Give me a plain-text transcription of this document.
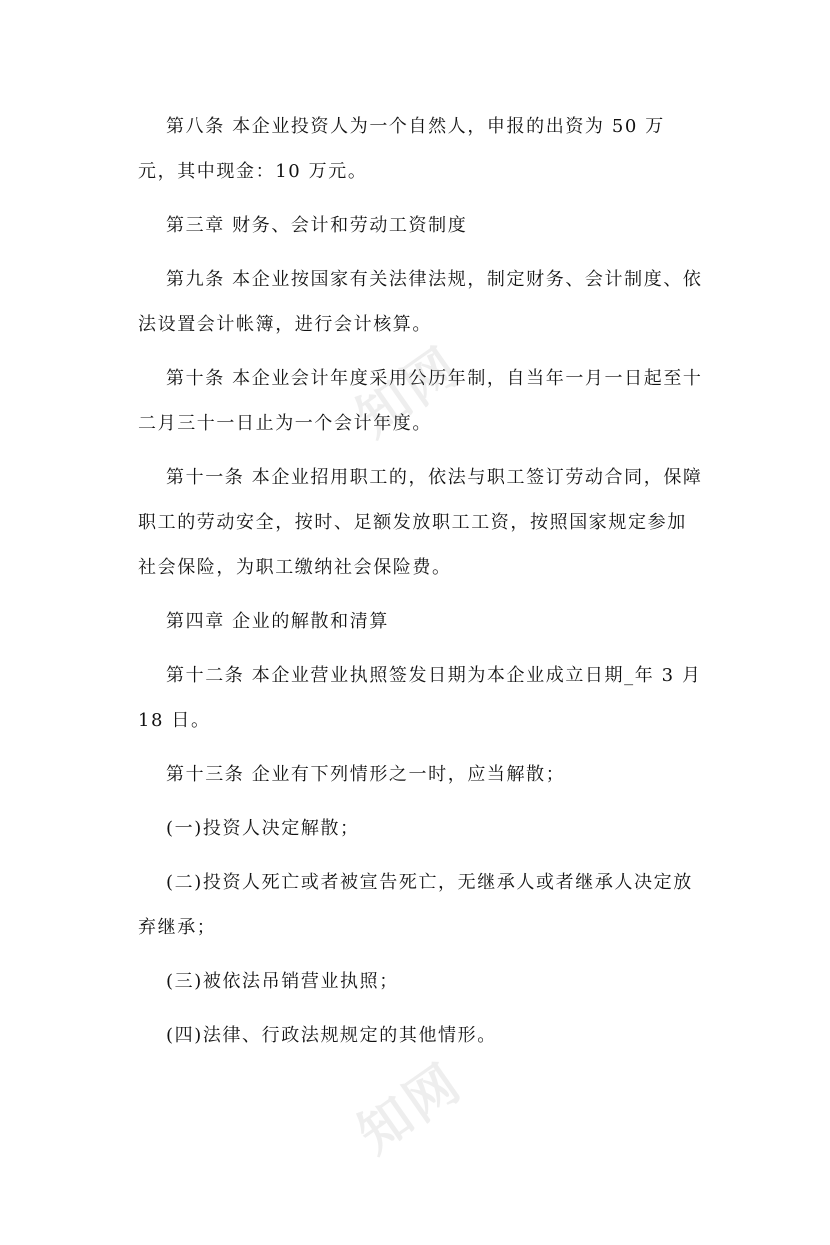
第八条 本企业投资人为一个自然人，申报的出资为 50 万元，其中现金：10 万元。

第三章 财务、会计和劳动工资制度

第九条 本企业按国家有关法律法规，制定财务、会计制度、依法设置会计帐簿，进行会计核算。

第十条 本企业会计年度采用公历年制，自当年一月一日起至十二月三十一日止为一个会计年度。

第十一条 本企业招用职工的，依法与职工签订劳动合同，保障职工的劳动安全，按时、足额发放职工工资，按照国家规定参加社会保险，为职工缴纳社会保险费。

第四章 企业的解散和清算

第十二条 本企业营业执照签发日期为本企业成立日期_年 3 月18 日。

第十三条 企业有下列情形之一时，应当解散；

(一)投资人决定解散；

(二)投资人死亡或者被宣告死亡，无继承人或者继承人决定放弃继承；

(三)被依法吊销营业执照；

(四)法律、行政法规规定的其他情形。

知网
知网
